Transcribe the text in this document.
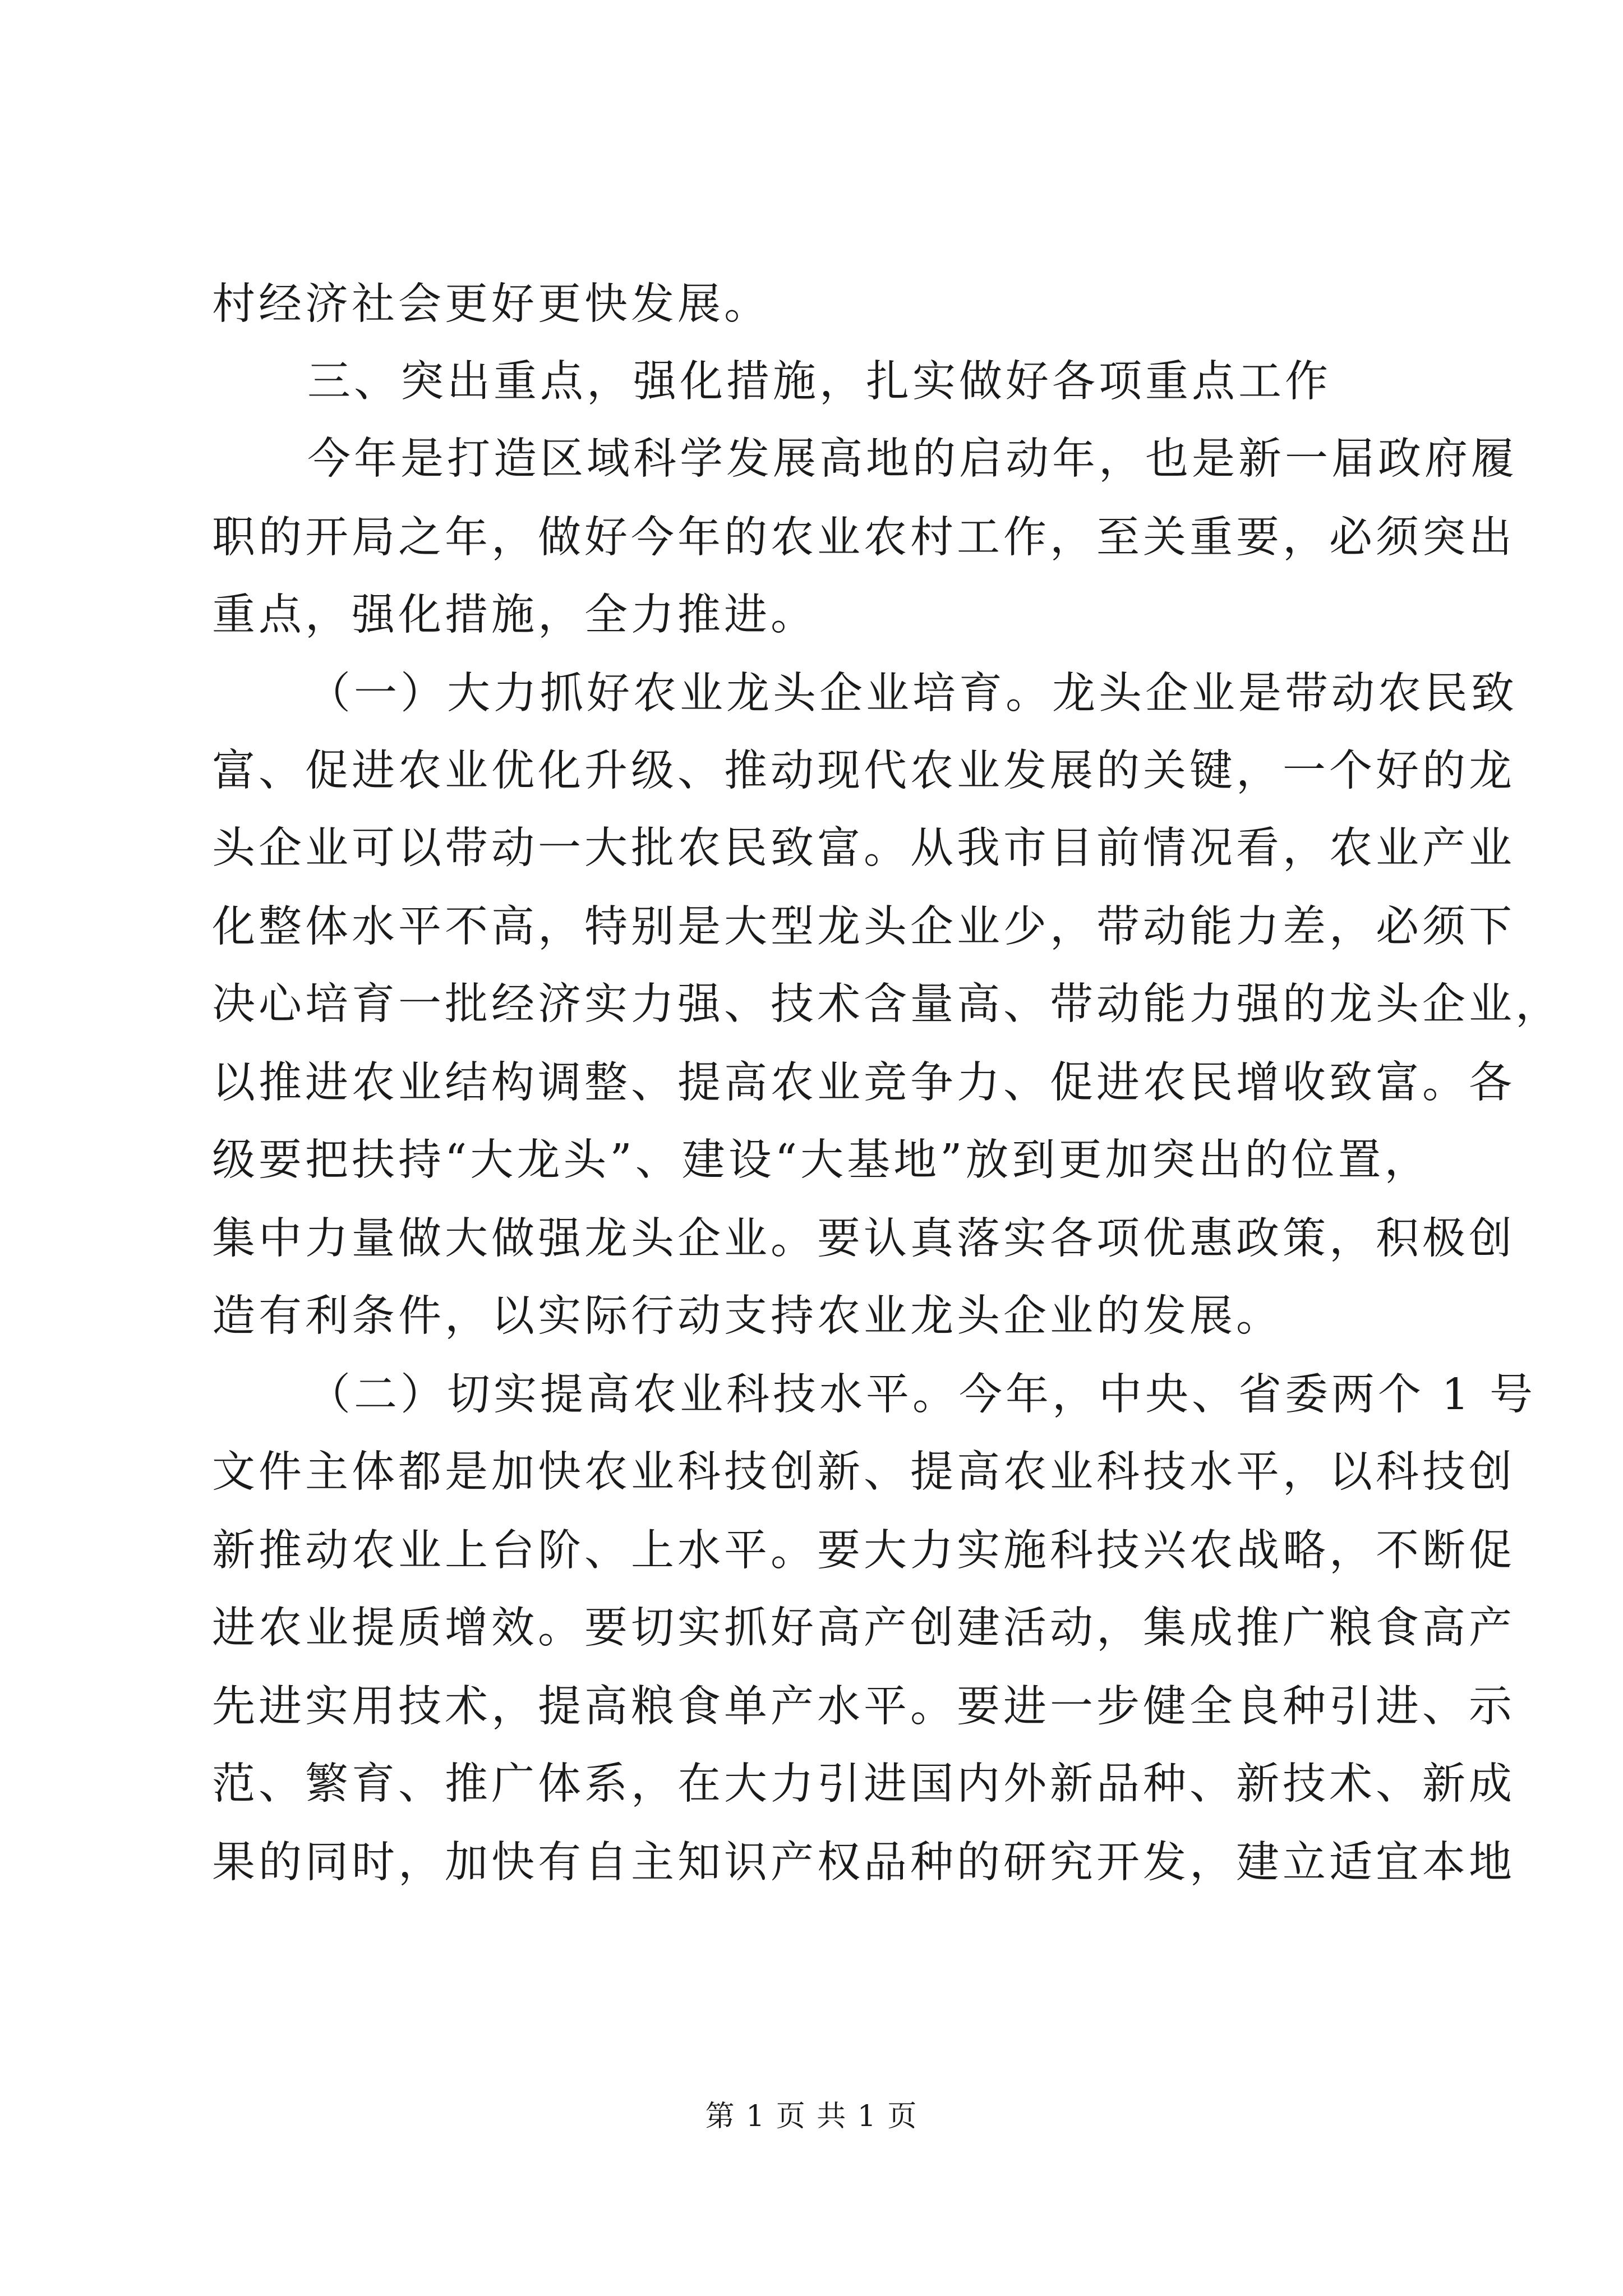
村经济社会更好更快发展。
三、突出重点，强化措施，扎实做好各项重点工作
今年是打造区域科学发展高地的启动年，也是新一届政府履
职的开局之年，做好今年的农业农村工作，至关重要，必须突出
重点，强化措施，全力推进。
（一）大力抓好农业龙头企业培育。龙头企业是带动农民致
富、促进农业优化升级、推动现代农业发展的关键，一个好的龙
头企业可以带动一大批农民致富。从我市目前情况看，农业产业
化整体水平不高，特别是大型龙头企业少，带动能力差，必须下
决心培育一批经济实力强、技术含量高、带动能力强的龙头企业，
以推进农业结构调整、提高农业竞争力、促进农民增收致富。各
级要把扶持“大龙头”、建设“大基地”放到更加突出的位置，
集中力量做大做强龙头企业。要认真落实各项优惠政策，积极创
造有利条件，以实际行动支持农业龙头企业的发展。
（二）切实提高农业科技水平。今年，中央、省委两个 1 号
文件主体都是加快农业科技创新、提高农业科技水平，以科技创
新推动农业上台阶、上水平。要大力实施科技兴农战略，不断促
进农业提质增效。要切实抓好高产创建活动，集成推广粮食高产
先进实用技术，提高粮食单产水平。要进一步健全良种引进、示
范、繁育、推广体系，在大力引进国内外新品种、新技术、新成
果的同时，加快有自主知识产权品种的研究开发，建立适宜本地
第 1 页 共 1 页
